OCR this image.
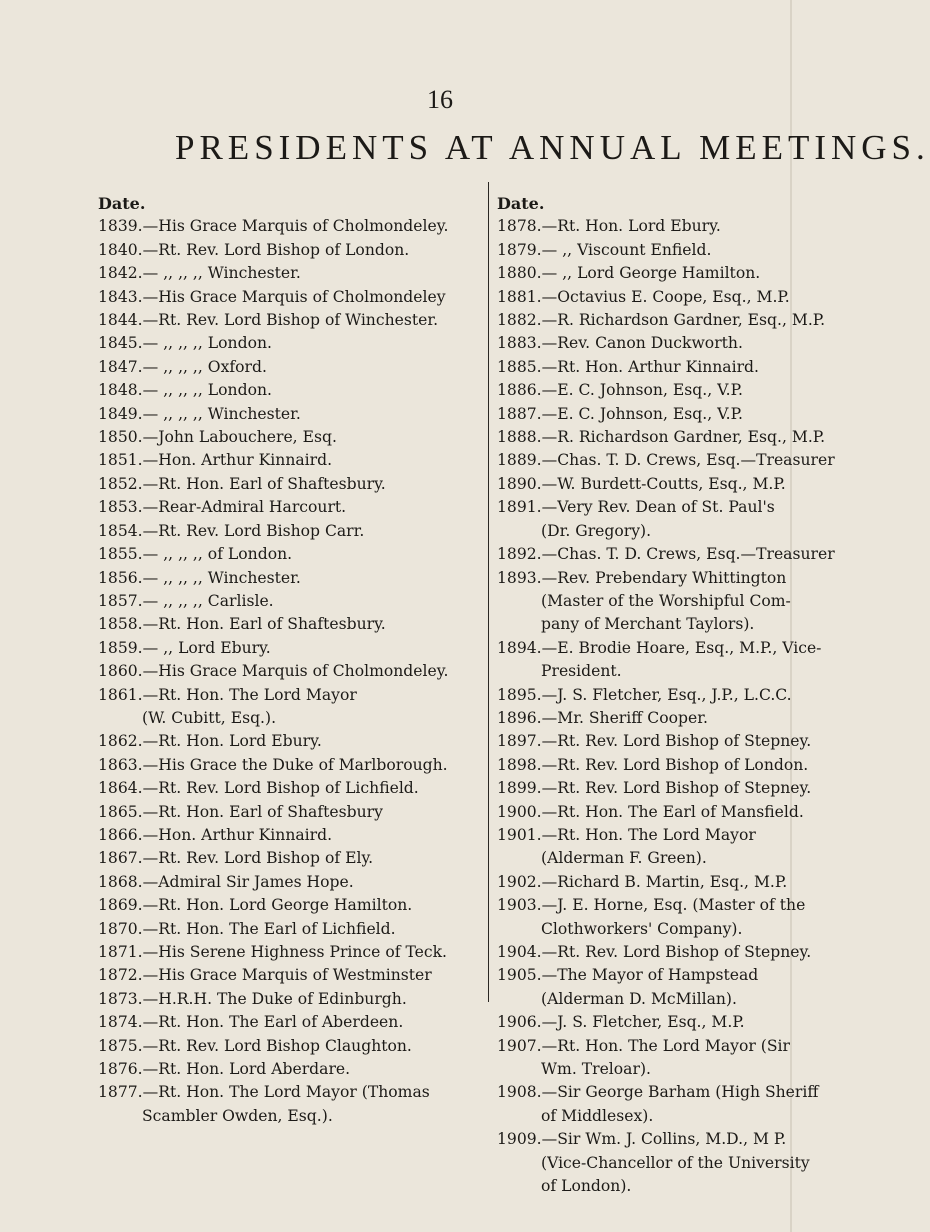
16
PRESIDENTS AT ANNUAL MEETINGS.
Date.
1839.—His Grace Marquis of Cholmondeley.
1840.—Rt. Rev. Lord Bishop of London.
1842.— ,, ,, ,, Winchester.
1843.—His Grace Marquis of Cholmondeley
1844.—Rt. Rev. Lord Bishop of Winchester.
1845.— ,, ,, ,, London.
1847.— ,, ,, ,, Oxford.
1848.— ,, ,, ,, London.
1849.— ,, ,, ,, Winchester.
1850.—John Labouchere, Esq.
1851.—Hon. Arthur Kinnaird.
1852.—Rt. Hon. Earl of Shaftesbury.
1853.—Rear-Admiral Harcourt.
1854.—Rt. Rev. Lord Bishop Carr.
1855.— ,, ,, ,, of London.
1856.— ,, ,, ,, Winchester.
1857.— ,, ,, ,, Carlisle.
1858.—Rt. Hon. Earl of Shaftesbury.
1859.— ,, Lord Ebury.
1860.—His Grace Marquis of Cholmondeley.
1861.—Rt. Hon. The Lord Mayor
(W. Cubitt, Esq.).
1862.—Rt. Hon. Lord Ebury.
1863.—His Grace the Duke of Marlborough.
1864.—Rt. Rev. Lord Bishop of Lichfield.
1865.—Rt. Hon. Earl of Shaftesbury
1866.—Hon. Arthur Kinnaird.
1867.—Rt. Rev. Lord Bishop of Ely.
1868.—Admiral Sir James Hope.
1869.—Rt. Hon. Lord George Hamilton.
1870.—Rt. Hon. The Earl of Lichfield.
1871.—His Serene Highness Prince of Teck.
1872.—His Grace Marquis of Westminster
1873.—H.R.H. The Duke of Edinburgh.
1874.—Rt. Hon. The Earl of Aberdeen.
1875.—Rt. Rev. Lord Bishop Claughton.
1876.—Rt. Hon. Lord Aberdare.
1877.—Rt. Hon. The Lord Mayor (Thomas
Scambler Owden, Esq.).
Date.
1878.—Rt. Hon. Lord Ebury.
1879.— ,, Viscount Enfield.
1880.— ,, Lord George Hamilton.
1881.—Octavius E. Coope, Esq., M.P.
1882.—R. Richardson Gardner, Esq., M.P.
1883.—Rev. Canon Duckworth.
1885.—Rt. Hon. Arthur Kinnaird.
1886.—E. C. Johnson, Esq., V.P.
1887.—E. C. Johnson, Esq., V.P.
1888.—R. Richardson Gardner, Esq., M.P.
1889.—Chas. T. D. Crews, Esq.—Treasurer
1890.—W. Burdett-Coutts, Esq., M.P.
1891.—Very Rev. Dean of St. Paul's
(Dr. Gregory).
1892.—Chas. T. D. Crews, Esq.—Treasurer
1893.—Rev. Prebendary Whittington
(Master of the Worshipful Com-
pany of Merchant Taylors).
1894.—E. Brodie Hoare, Esq., M.P., Vice-
President.
1895.—J. S. Fletcher, Esq., J.P., L.C.C.
1896.—Mr. Sheriff Cooper.
1897.—Rt. Rev. Lord Bishop of Stepney.
1898.—Rt. Rev. Lord Bishop of London.
1899.—Rt. Rev. Lord Bishop of Stepney.
1900.—Rt. Hon. The Earl of Mansfield.
1901.—Rt. Hon. The Lord Mayor
(Alderman F. Green).
1902.—Richard B. Martin, Esq., M.P.
1903.—J. E. Horne, Esq. (Master of the
Clothworkers' Company).
1904.—Rt. Rev. Lord Bishop of Stepney.
1905.—The Mayor of Hampstead
(Alderman D. McMillan).
1906.—J. S. Fletcher, Esq., M.P.
1907.—Rt. Hon. The Lord Mayor (Sir
Wm. Treloar).
1908.—Sir George Barham (High Sheriff
of Middlesex).
1909.—Sir Wm. J. Collins, M.D., M P.
(Vice-Chancellor of the University
of London).
